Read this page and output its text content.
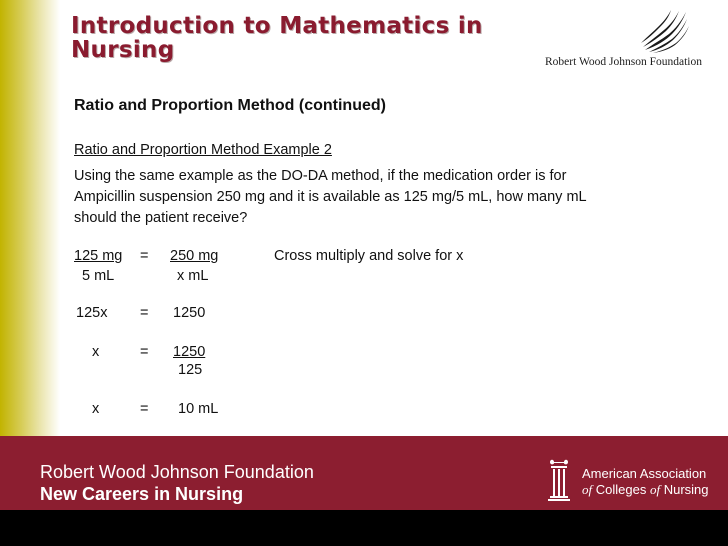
Introduction to Mathematics in Nursing	Robert Wood Johnson Foundation

Ratio and Proportion Method (continued)

Ratio and Proportion Method Example 2

Using the same example as the DO-DA method, if the medication order is for

Ampicillin suspension 250 mg and it is available as 125 mg/5 mL, how many mL

should the patient receive?

125 mg = 250 mg	Cross multiply and solve for x
5 mL	x mL
125x = 1250
x	= 1250
125
x	= 10 mL
Robert Wood Johnson Foundation
New Careers in Nursing
American Association
of Colleges of Nursing
